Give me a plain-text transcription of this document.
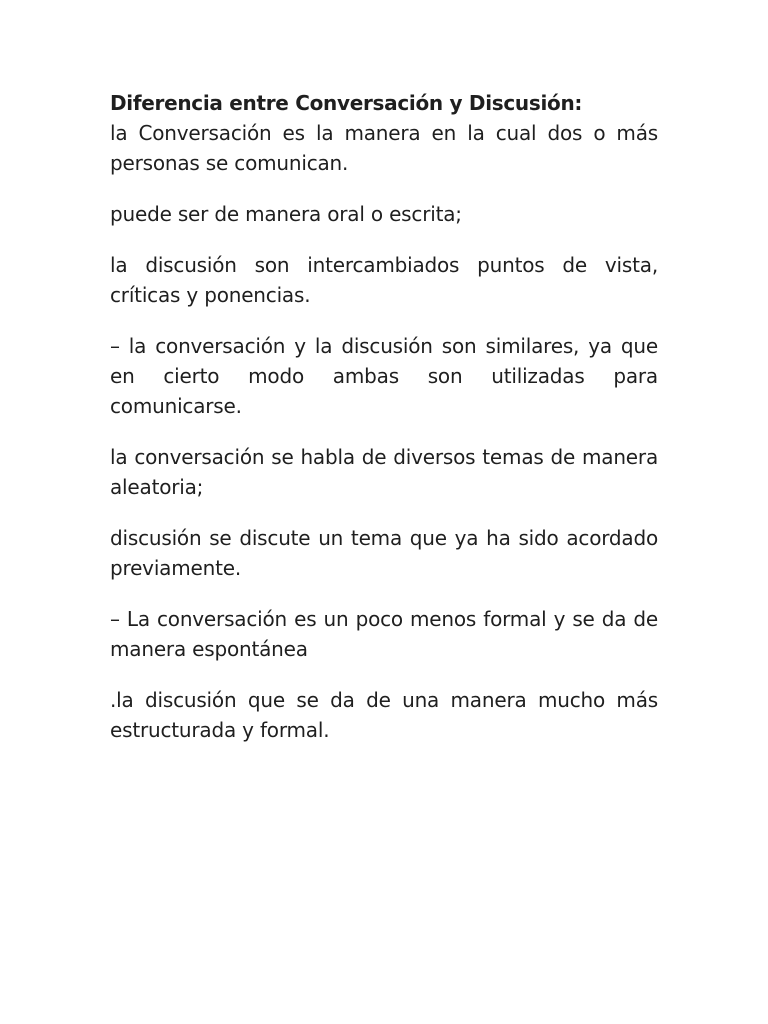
Diferencia entre Conversación y Discusión:

la Conversación es la manera en la cual dos o más personas se comunican.

puede ser de manera oral o escrita;

la discusión son intercambiados puntos de vista, críticas y ponencias.

– la conversación y la discusión son similares, ya que en cierto modo ambas son utilizadas para comunicarse.

la conversación se habla de diversos temas de manera aleatoria;

discusión se discute un tema que ya ha sido acordado previamente.

– La conversación es un poco menos formal y se da de manera espontánea

.la discusión que se da de una manera mucho más estructurada y formal.
